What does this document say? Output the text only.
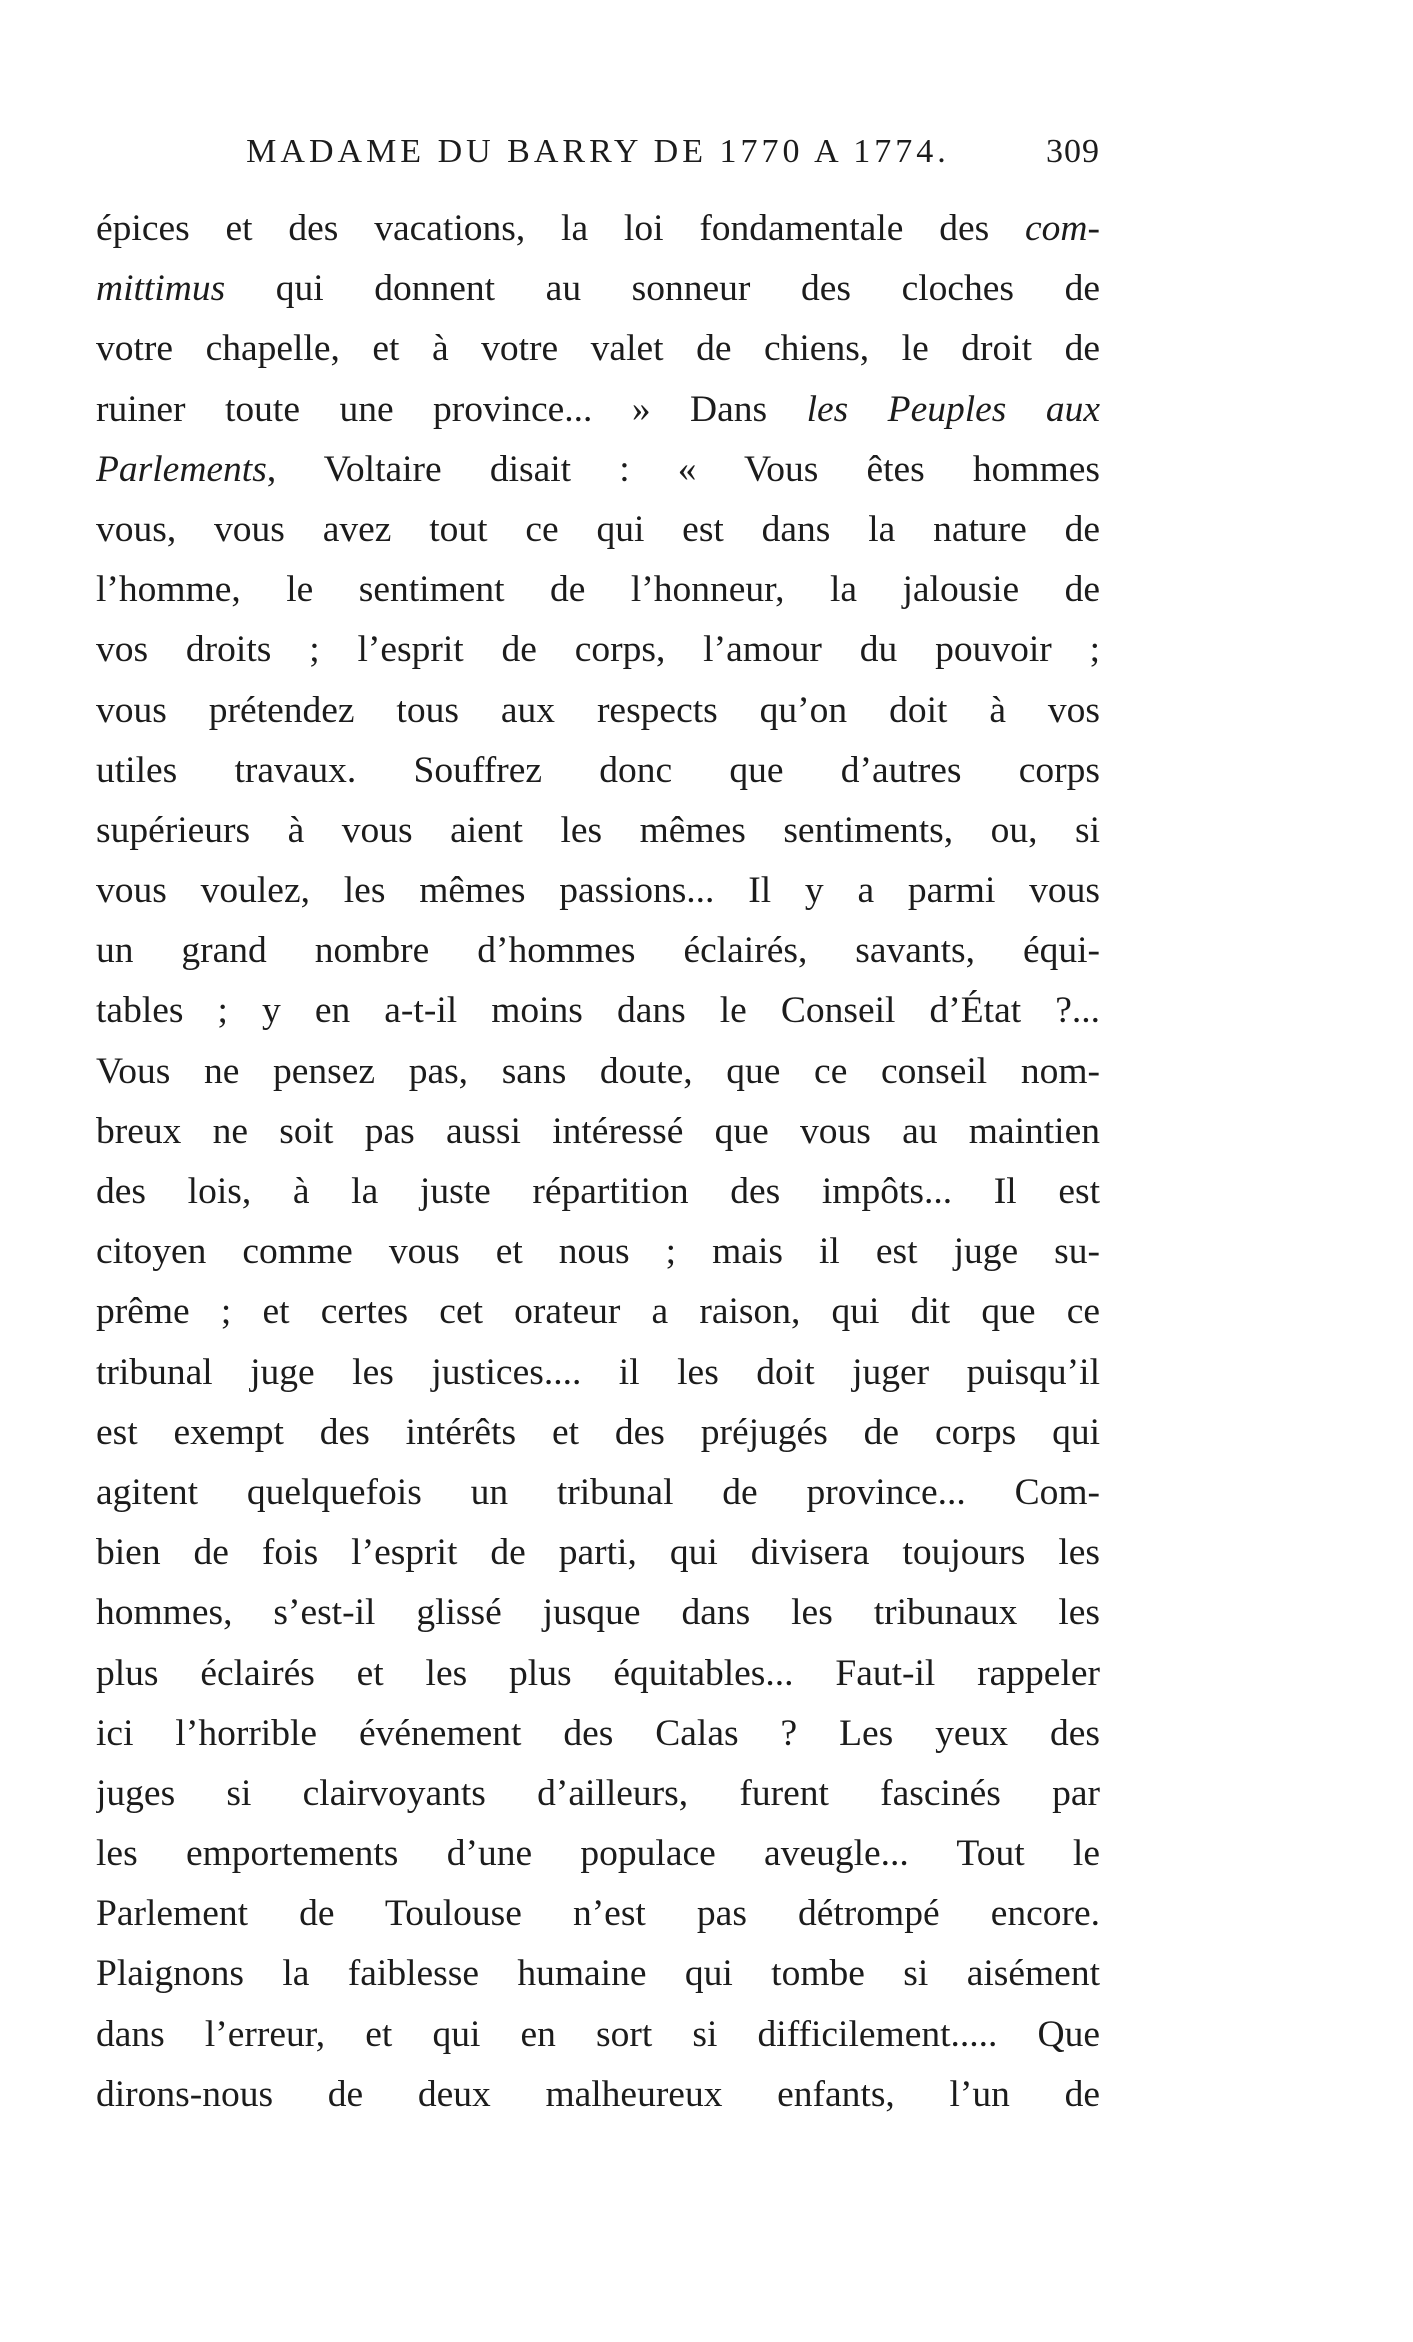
MADAME DU BARRY DE 1770 A 1774.	309
épices et des vacations, la loi fondamentale des com-
mittimus qui donnent au sonneur des cloches de
votre chapelle, et à votre valet de chiens, le droit de
ruiner toute une province... » Dans les Peuples aux
Parlements, Voltaire disait : « Vous êtes hommes
vous, vous avez tout ce qui est dans la nature de
l’homme, le sentiment de l’honneur, la jalousie de
vos droits ; l’esprit de corps, l’amour du pouvoir ;
vous prétendez tous aux respects qu’on doit à vos
utiles travaux. Souffrez donc que d’autres corps
supérieurs à vous aient les mêmes sentiments, ou, si
vous voulez, les mêmes passions... Il y a parmi vous
un grand nombre d’hommes éclairés, savants, équi-
tables ; y en a-t-il moins dans le Conseil d’État ?...
Vous ne pensez pas, sans doute, que ce conseil nom-
breux ne soit pas aussi intéressé que vous au maintien
des lois, à la juste répartition des impôts... Il est
citoyen comme vous et nous ; mais il est juge su-
prême ; et certes cet orateur a raison, qui dit que ce
tribunal juge les justices.... il les doit juger puisqu’il
est exempt des intérêts et des préjugés de corps qui
agitent quelquefois un tribunal de province... Com-
bien de fois l’esprit de parti, qui divisera toujours les
hommes, s’est-il glissé jusque dans les tribunaux les
plus éclairés et les plus équitables... Faut-il rappeler
ici l’horrible événement des Calas ? Les yeux des
juges si clairvoyants d’ailleurs, furent fascinés par
les emportements d’une populace aveugle... Tout le
Parlement de Toulouse n’est pas détrompé encore.
Plaignons la faiblesse humaine qui tombe si aisément
dans l’erreur, et qui en sort si difficilement..... Que
dirons-nous de deux malheureux enfants, l’un de
